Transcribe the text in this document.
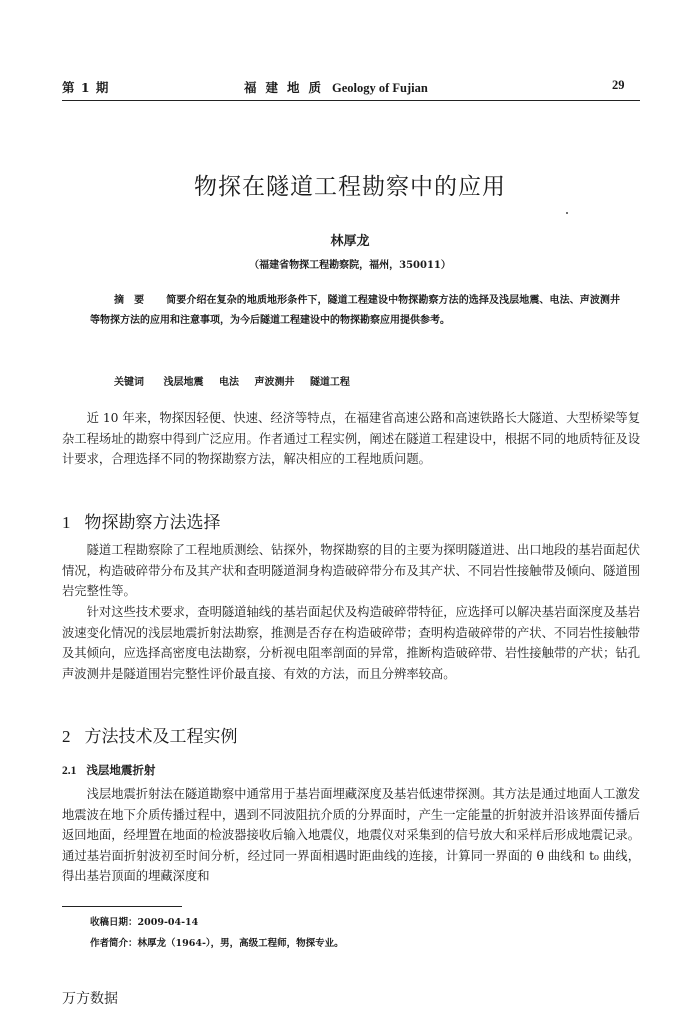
第 1 期	福建地质 Geology of Fujian	29
物探在隧道工程勘察中的应用
林厚龙
（福建省物探工程勘察院，福州，350011）
摘要 简要介绍在复杂的地质地形条件下，隧道工程建设中物探勘察方法的选择及浅层地震、电法、声波测井等物探方法的应用和注意事项，为今后隧道工程建设中的物探勘察应用提供参考。
关键词 浅层地震 电法 声波测井 隧道工程

近 10 年来，物探因轻便、快速、经济等特点，在福建省高速公路和高速铁路长大隧道、大型桥梁等复杂工程场址的勘察中得到广泛应用。作者通过工程实例，阐述在隧道工程建设中，根据不同的地质特征及设计要求，合理选择不同的物探勘察方法，解决相应的工程地质问题。

1 物探勘察方法选择

隧道工程勘察除了工程地质测绘、钻探外，物探勘察的目的主要为探明隧道进、出口地段的基岩面起伏情况，构造破碎带分布及其产状和查明隧道洞身构造破碎带分布及其产状、不同岩性接触带及倾向、隧道围岩完整性等。

针对这些技术要求，查明隧道轴线的基岩面起伏及构造破碎带特征，应选择可以解决基岩面深度及基岩波速变化情况的浅层地震折射法勘察，推测是否存在构造破碎带；查明构造破碎带的产状、不同岩性接触带及其倾向，应选择高密度电法勘察，分析视电阻率剖面的异常，推断构造破碎带、岩性接触带的产状；钻孔声波测井是隧道围岩完整性评价最直接、有效的方法，而且分辨率较高。

2 方法技术及工程实例
2.1 浅层地震折射

浅层地震折射法在隧道勘察中通常用于基岩面埋藏深度及基岩低速带探测。其方法是通过地面人工激发地震波在地下介质传播过程中，遇到不同波阻抗介质的分界面时，产生一定能量的折射波并沿该界面传播后返回地面，经埋置在地面的检波器接收后输入地震仪，地震仪对采集到的信号放大和采样后形成地震记录。通过基岩面折射波初至时间分析，经过同一界面相遇时距曲线的连接，计算同一界面的 θ 曲线和 t₀ 曲线，得出基岩顶面的埋藏深度和

收稿日期：2009-04-14
作者简介：林厚龙（1964-），男，高级工程师，物探专业。
万方数据
